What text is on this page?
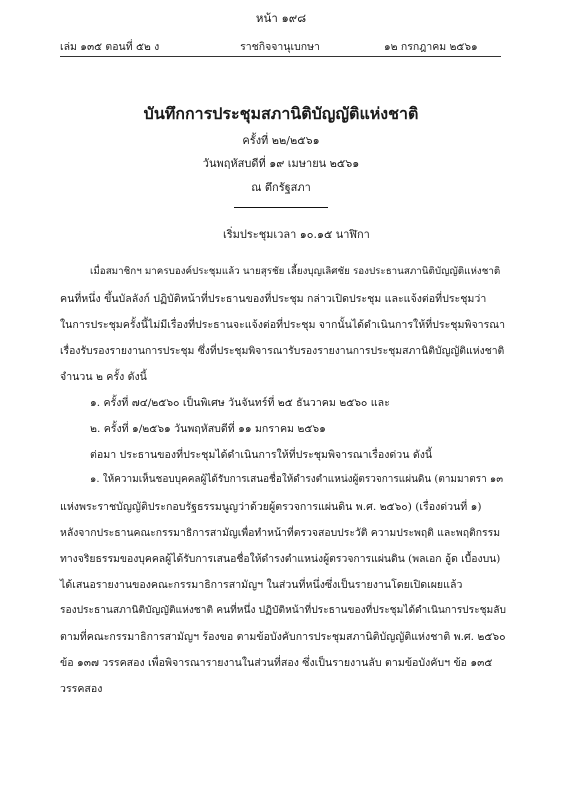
หน้า ๑๙๘
เล่ม ๑๓๕ ตอนที่ ๕๒ ง	ราชกิจจานุเบกษา	๑๒ กรกฎาคม ๒๕๖๑
บันทึกการประชุมสภานิติบัญญัติแห่งชาติ
ครั้งที่ ๒๒/๒๕๖๑
วันพฤหัสบดีที่ ๑๙ เมษายน ๒๕๖๑
ณ ตึกรัฐสภา
เริ่มประชุมเวลา ๑๐.๑๕ นาฬิกา
เมื่อสมาชิกฯ มาครบองค์ประชุมแล้ว นายสุรชัย เลี้ยงบุญเลิศชัย รองประธานสภานิติบัญญัติแห่งชาติ
คนที่หนึ่ง ขึ้นบัลลังก์ ปฏิบัติหน้าที่ประธานของที่ประชุม กล่าวเปิดประชุม และแจ้งต่อที่ประชุมว่า
ในการประชุมครั้งนี้ไม่มีเรื่องที่ประธานจะแจ้งต่อที่ประชุม จากนั้นได้ดำเนินการให้ที่ประชุมพิจารณา
เรื่องรับรองรายงานการประชุม ซึ่งที่ประชุมพิจารณารับรองรายงานการประชุมสภานิติบัญญัติแห่งชาติ
จำนวน ๒ ครั้ง ดังนี้
๑. ครั้งที่ ๗๔/๒๕๖๐ เป็นพิเศษ วันจันทร์ที่ ๒๕ ธันวาคม ๒๕๖๐ และ
๒. ครั้งที่ ๑/๒๕๖๑ วันพฤหัสบดีที่ ๑๑ มกราคม ๒๕๖๑
ต่อมา ประธานของที่ประชุมได้ดำเนินการให้ที่ประชุมพิจารณาเรื่องด่วน ดังนี้
๑. ให้ความเห็นชอบบุคคลผู้ได้รับการเสนอชื่อให้ดำรงตำแหน่งผู้ตรวจการแผ่นดิน (ตามมาตรา ๑๓
แห่งพระราชบัญญัติประกอบรัฐธรรมนูญว่าด้วยผู้ตรวจการแผ่นดิน พ.ศ. ๒๕๖๐) (เรื่องด่วนที่ ๑)
หลังจากประธานคณะกรรมาธิการสามัญเพื่อทำหน้าที่ตรวจสอบประวัติ ความประพฤติ และพฤติกรรม
ทางจริยธรรมของบุคคลผู้ได้รับการเสนอชื่อให้ดำรงตำแหน่งผู้ตรวจการแผ่นดิน (พลเอก อู้ด เบื้องบน)
ได้เสนอรายงานของคณะกรรมาธิการสามัญฯ ในส่วนที่หนึ่งซึ่งเป็นรายงานโดยเปิดเผยแล้ว
รองประธานสภานิติบัญญัติแห่งชาติ คนที่หนึ่ง ปฏิบัติหน้าที่ประธานของที่ประชุมได้ดำเนินการประชุมลับ
ตามที่คณะกรรมาธิการสามัญฯ ร้องขอ ตามข้อบังคับการประชุมสภานิติบัญญัติแห่งชาติ พ.ศ. ๒๕๖๐
ข้อ ๑๓๗ วรรคสอง เพื่อพิจารณารายงานในส่วนที่สอง ซึ่งเป็นรายงานลับ ตามข้อบังคับฯ ข้อ ๑๓๕
วรรคสอง
